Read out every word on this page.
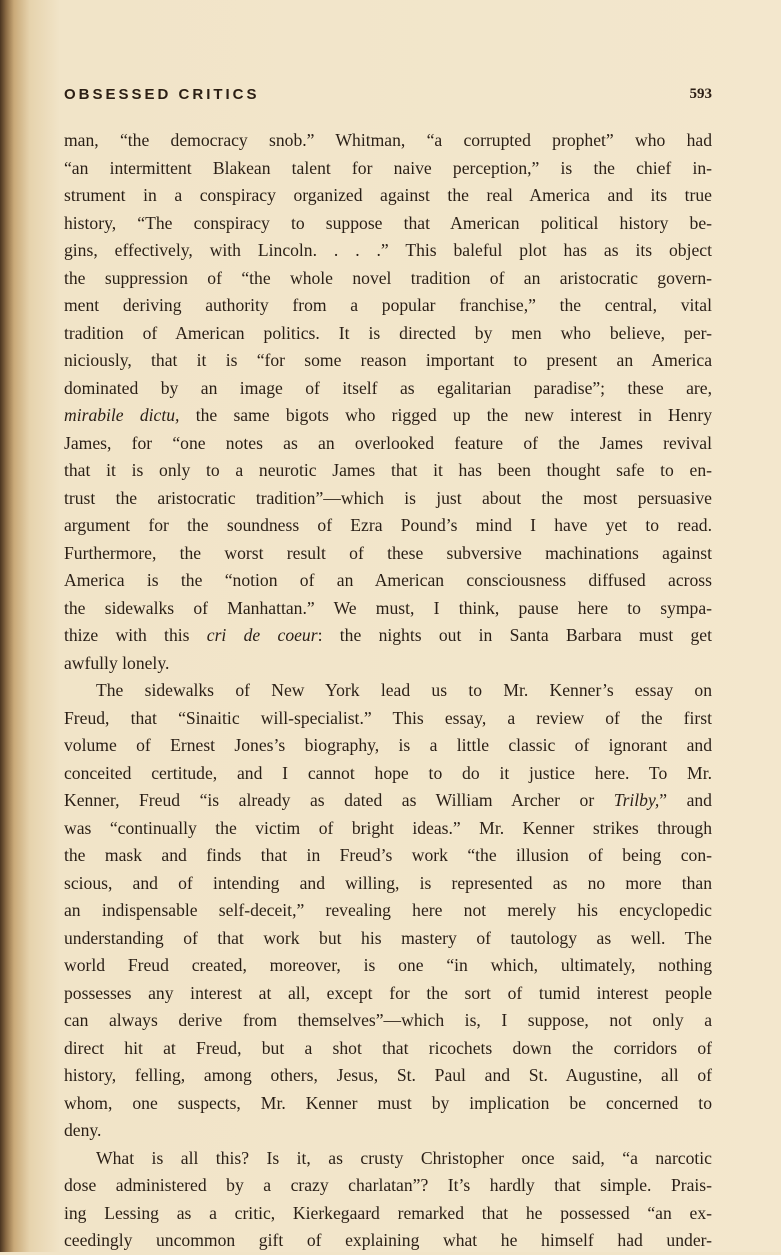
OBSESSED CRITICS	593

man, “the democracy snob.” Whitman, “a corrupted prophet” who had

“an intermittent Blakean talent for naive perception,” is the chief in-

strument in a conspiracy organized against the real America and its true

history, “The conspiracy to suppose that American political history be-

gins, effectively, with Lincoln. . . .” This baleful plot has as its object

the suppression of “the whole novel tradition of an aristocratic govern-

ment deriving authority from a popular franchise,” the central, vital

tradition of American politics. It is directed by men who believe, per-

niciously, that it is “for some reason important to present an America

dominated by an image of itself as egalitarian paradise”; these are,

mirabile dictu, the same bigots who rigged up the new interest in Henry

James, for “one notes as an overlooked feature of the James revival

that it is only to a neurotic James that it has been thought safe to en-

trust the aristocratic tradition”—which is just about the most persuasive

argument for the soundness of Ezra Pound’s mind I have yet to read.

Furthermore, the worst result of these subversive machinations against

America is the “notion of an American consciousness diffused across

the sidewalks of Manhattan.” We must, I think, pause here to sympa-

thize with this cri de coeur: the nights out in Santa Barbara must get

awfully lonely.

The sidewalks of New York lead us to Mr. Kenner’s essay on

Freud, that “Sinaitic will-specialist.” This essay, a review of the first

volume of Ernest Jones’s biography, is a little classic of ignorant and

conceited certitude, and I cannot hope to do it justice here. To Mr.

Kenner, Freud “is already as dated as William Archer or Trilby,” and

was “continually the victim of bright ideas.” Mr. Kenner strikes through

the mask and finds that in Freud’s work “the illusion of being con-

scious, and of intending and willing, is represented as no more than

an indispensable self-deceit,” revealing here not merely his encyclopedic

understanding of that work but his mastery of tautology as well. The

world Freud created, moreover, is one “in which, ultimately, nothing

possesses any interest at all, except for the sort of tumid interest people

can always derive from themselves”—which is, I suppose, not only a

direct hit at Freud, but a shot that ricochets down the corridors of

history, felling, among others, Jesus, St. Paul and St. Augustine, all of

whom, one suspects, Mr. Kenner must by implication be concerned to

deny.

What is all this? Is it, as crusty Christopher once said, “a narcotic

dose administered by a crazy charlatan”? It’s hardly that simple. Prais-

ing Lessing as a critic, Kierkegaard remarked that he possessed “an ex-

ceedingly uncommon gift of explaining what he himself had under-
